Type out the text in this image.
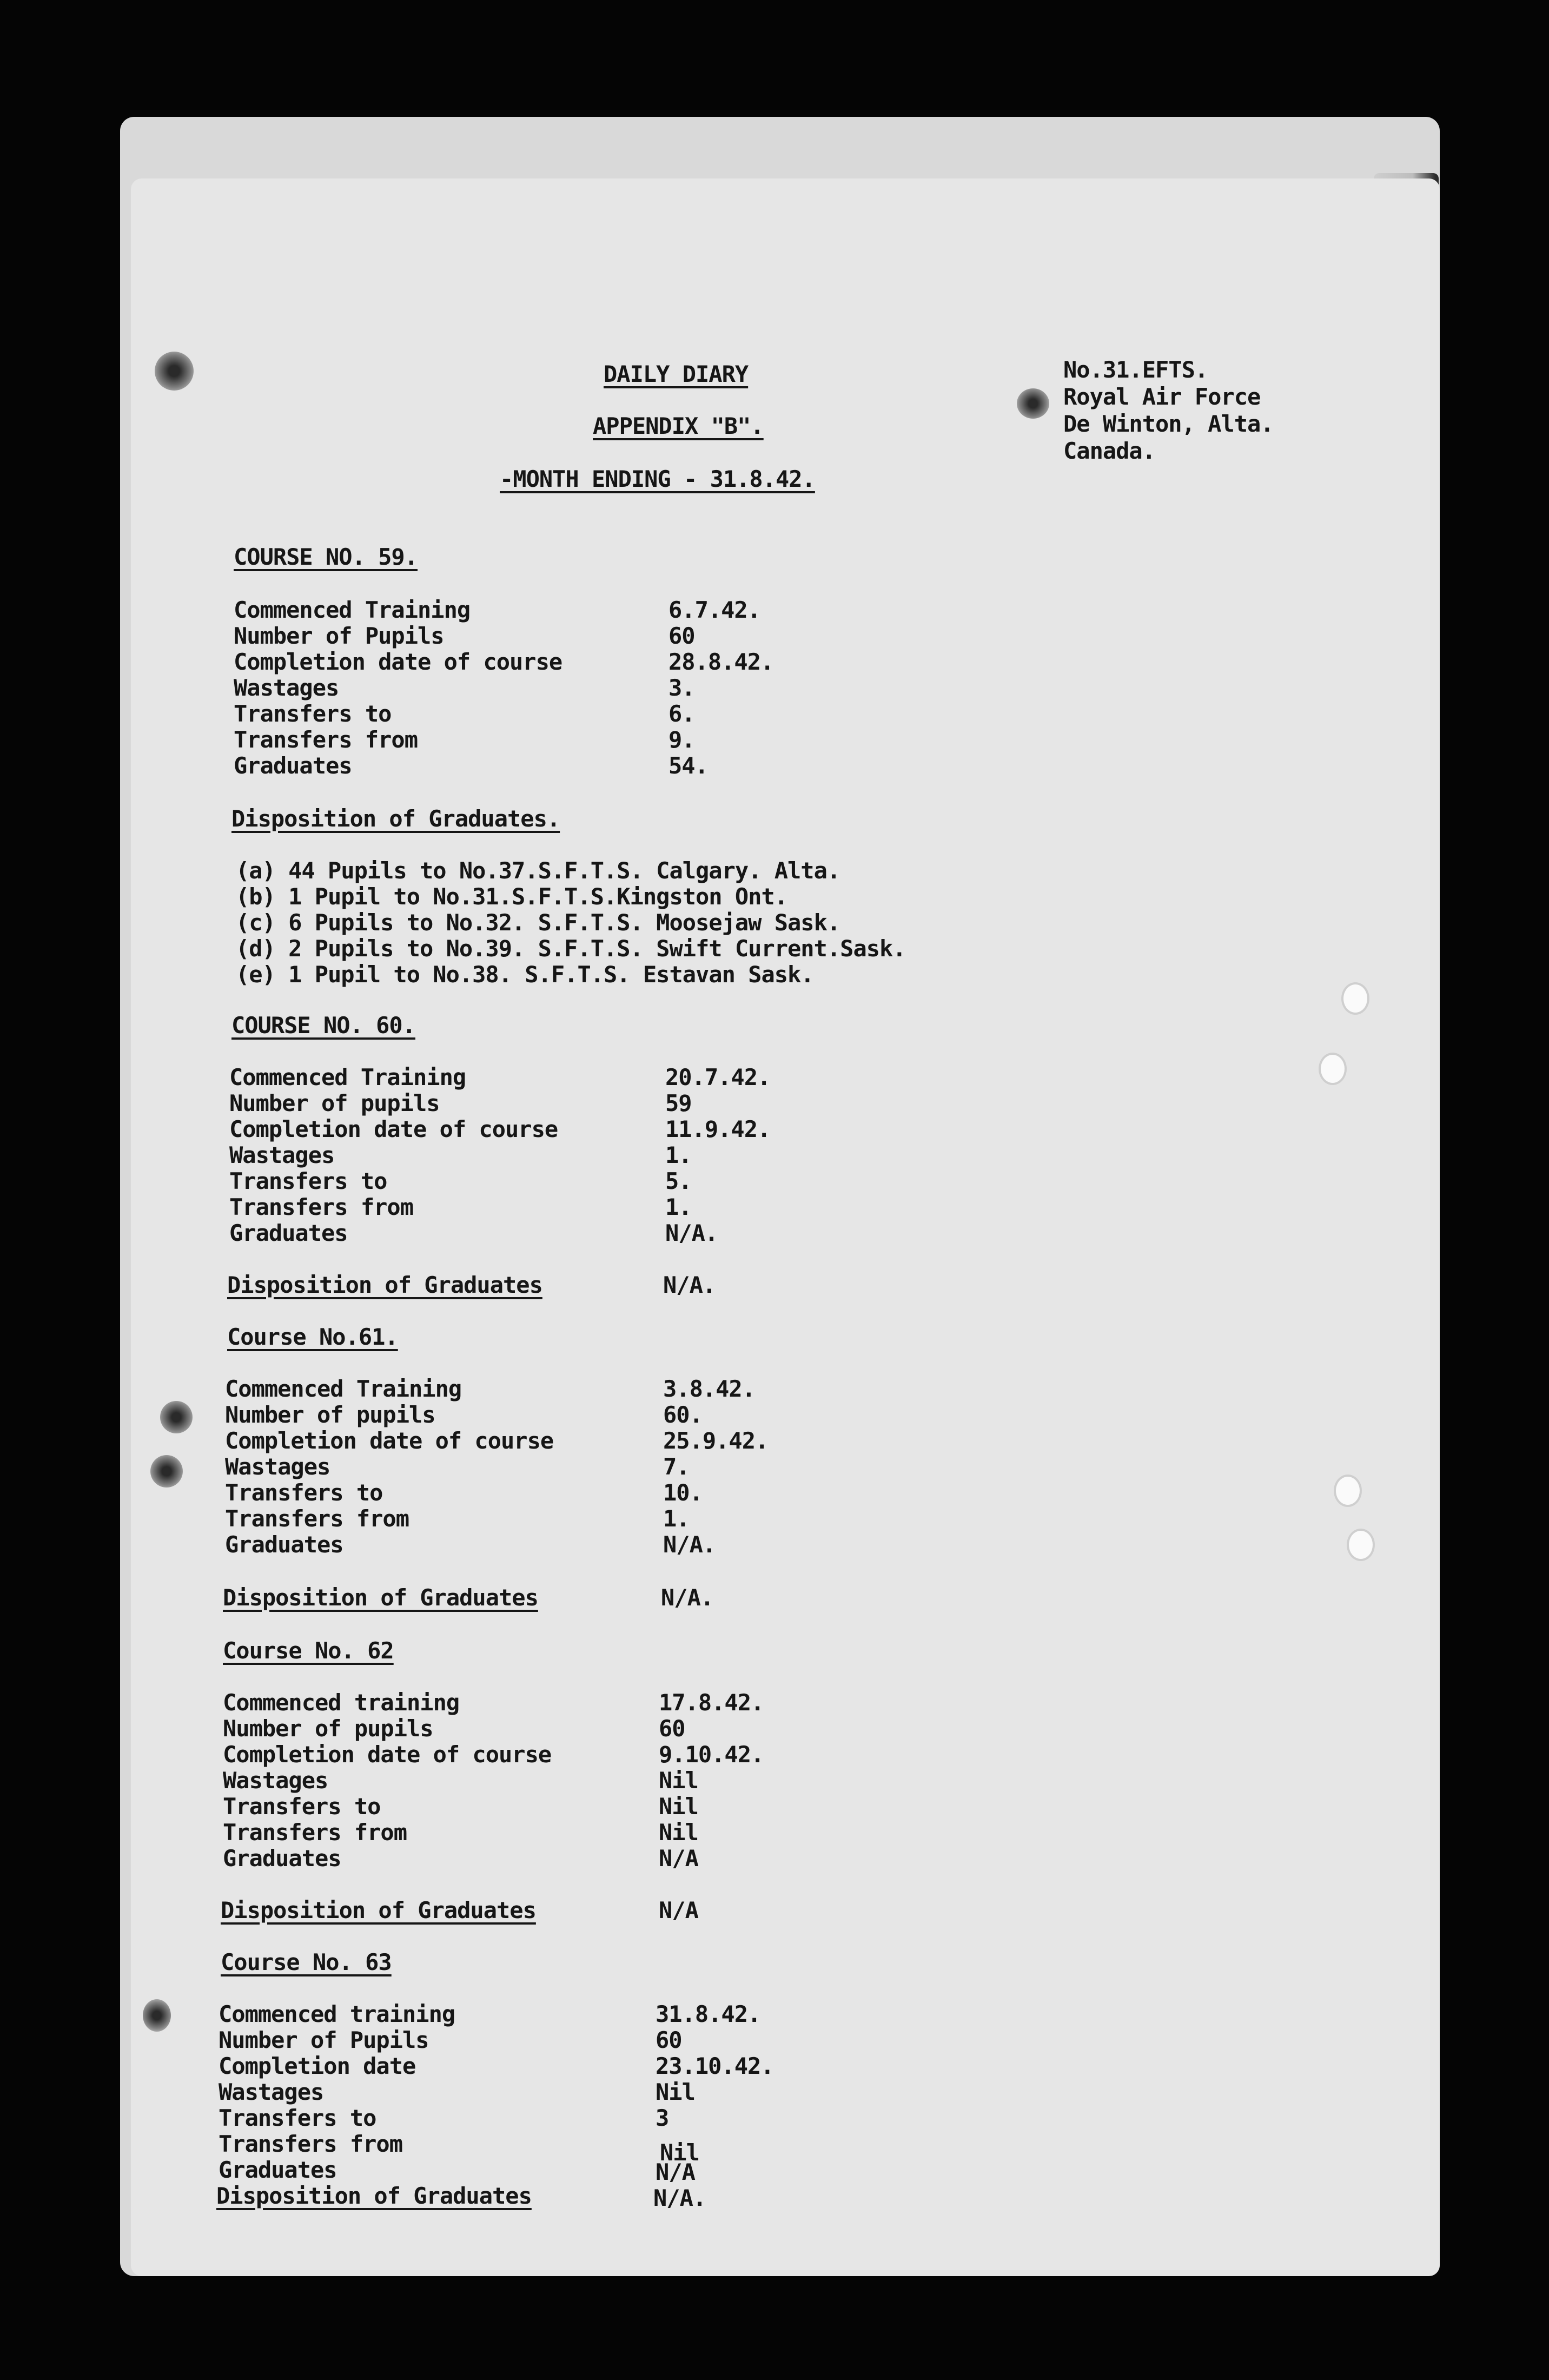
DAILY DIARY
APPENDIX "B".
-MONTH ENDING - 31.8.42.
No.31.EFTS.
Royal Air Force
De Winton, Alta.
Canada.
COURSE NO. 59.
Commenced Training	6.7.42.
Number of Pupils	60
Completion date of course	28.8.42.
Wastages	3.
Transfers to	6.
Transfers from	9.
Graduates	54.
Disposition of Graduates.
(a) 44 Pupils to No.37.S.F.T.S. Calgary. Alta.
(b) 1 Pupil to No.31.S.F.T.S.Kingston Ont.
(c) 6 Pupils to No.32. S.F.T.S. Moosejaw Sask.
(d) 2 Pupils to No.39. S.F.T.S. Swift Current.Sask.
(e) 1 Pupil to No.38. S.F.T.S. Estavan Sask.
COURSE NO. 60.
Commenced Training	20.7.42.
Number of pupils	59
Completion date of course	11.9.42.
Wastages	1.
Transfers to	5.
Transfers from	1.
Graduates	N/A.
Disposition of Graduates	N/A.
Course No.61.
Commenced Training	3.8.42.
Number of pupils	60.
Completion date of course	25.9.42.
Wastages	7.
Transfers to	10.
Transfers from	1.
Graduates	N/A.
Disposition of Graduates	N/A.
Course No. 62
Commenced training	17.8.42.
Number of pupils	60
Completion date of course	9.10.42.
Wastages	Nil
Transfers to	Nil
Transfers from	Nil
Graduates	N/A
Disposition of Graduates	N/A
Course No. 63
Commenced training	31.8.42.
Number of Pupils	60
Completion date	23.10.42.
Wastages	Nil
Transfers to	3
Transfers from	Nil
Graduates	N/A
Disposition of Graduates	N/A.
